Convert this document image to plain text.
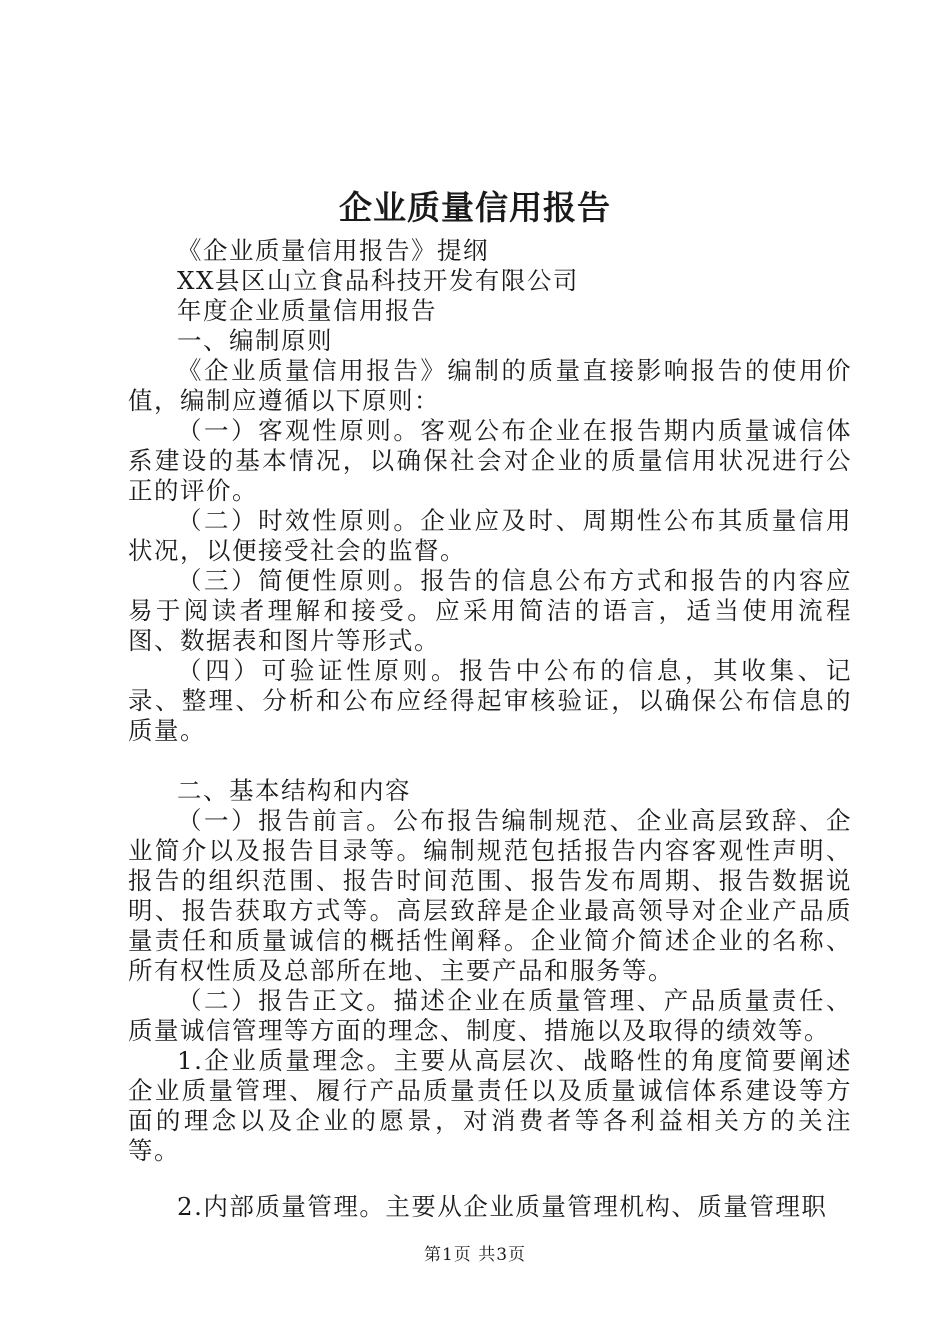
企业质量信用报告

《企业质量信用报告》提纲

XX县区山立食品科技开发有限公司

年度企业质量信用报告

一、编制原则

《企业质量信用报告》编制的质量直接影响报告的使用价值，编制应遵循以下原则：

（一）客观性原则。客观公布企业在报告期内质量诚信体系建设的基本情况，以确保社会对企业的质量信用状况进行公正的评价。

（二）时效性原则。企业应及时、周期性公布其质量信用状况，以便接受社会的监督。

（三）简便性原则。报告的信息公布方式和报告的内容应易于阅读者理解和接受。应采用简洁的语言，适当使用流程图、数据表和图片等形式。

（四）可验证性原则。报告中公布的信息，其收集、记录、整理、分析和公布应经得起审核验证，以确保公布信息的质量。

二、基本结构和内容

（一）报告前言。公布报告编制规范、企业高层致辞、企业简介以及报告目录等。编制规范包括报告内容客观性声明、报告的组织范围、报告时间范围、报告发布周期、报告数据说明、报告获取方式等。高层致辞是企业最高领导对企业产品质量责任和质量诚信的概括性阐释。企业简介简述企业的名称、所有权性质及总部所在地、主要产品和服务等。

（二）报告正文。描述企业在质量管理、产品质量责任、质量诚信管理等方面的理念、制度、措施以及取得的绩效等。

1.企业质量理念。主要从高层次、战略性的角度简要阐述企业质量管理、履行产品质量责任以及质量诚信体系建设等方面的理念以及企业的愿景，对消费者等各利益相关方的关注等。

2.内部质量管理。主要从企业质量管理机构、质量管理职

第1页 共3页
